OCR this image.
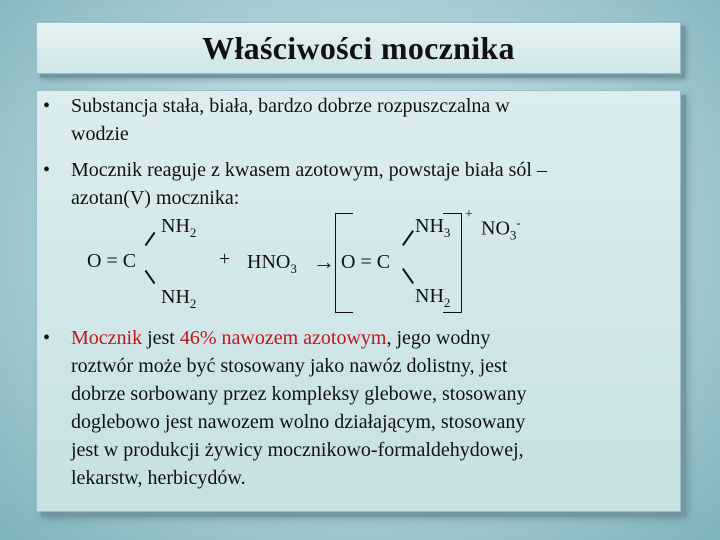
Właściwości mocznika
• Substancja stała, biała, bardzo dobrze rozpuszczalna w
wodzie
• Mocznik reaguje z kwasem azotowym, powstaje biała sól –
azotan(V) mocznika:
$NH_2$
O = C
$NH_2$
+ $HNO_3 \to O = C$
$NH_3$
$NH_2$
+
$NO_3^-$
• Mocznik jest 46% nawozem azotowym, jego wodny
roztwór może być stosowany jako nawóz dolistny, jest
dobrze sorbowany przez kompleksy glebowe, stosowany
doglebowo jest nawozem wolno działającym, stosowany
jest w produkcji żywicy mocznikowo-formaldehydowej,
lekarstw, herbicydów.
